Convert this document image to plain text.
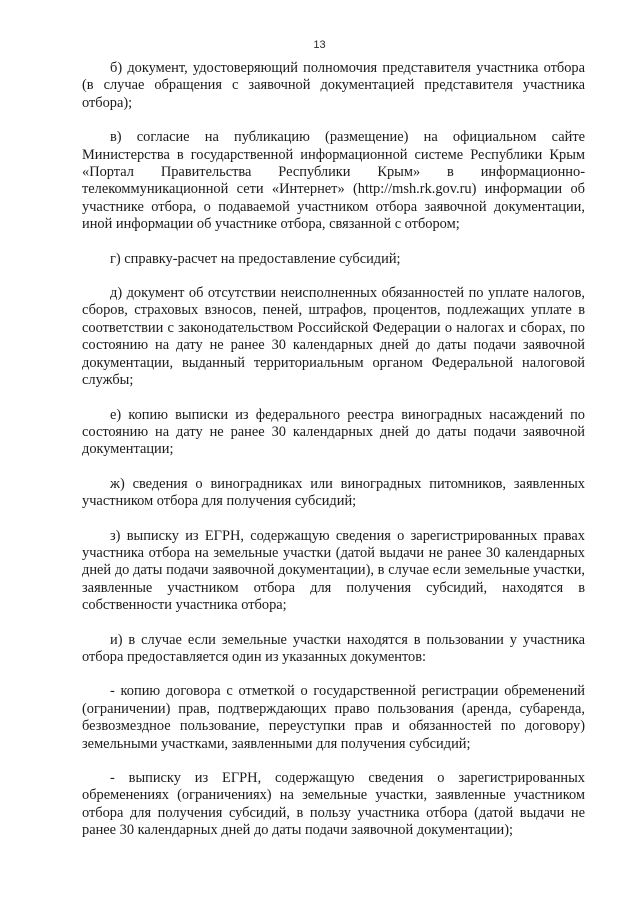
13

б) документ, удостоверяющий полномочия представителя участника отбора (в случае обращения с заявочной документацией представителя участника отбора);

в) согласие на публикацию (размещение) на официальном сайте Министерства в государственной информационной системе Республики Крым «Портал Правительства Республики Крым» в информационно-телекоммуникационной сети «Интернет» (http://msh.rk.gov.ru) информации об участнике отбора, о подаваемой участником отбора заявочной документации, иной информации об участнике отбора, связанной с отбором;

г) справку-расчет на предоставление субсидий;

д) документ об отсутствии неисполненных обязанностей по уплате налогов, сборов, страховых взносов, пеней, штрафов, процентов, подлежащих уплате в соответствии с законодательством Российской Федерации о налогах и сборах, по состоянию на дату не ранее 30 календарных дней до даты подачи заявочной документации, выданный территориальным органом Федеральной налоговой службы;

е) копию выписки из федерального реестра виноградных насаждений по состоянию на дату не ранее 30 календарных дней до даты подачи заявочной документации;

ж) сведения о виноградниках или виноградных питомников, заявленных участником отбора для получения субсидий;

з) выписку из ЕГРН, содержащую сведения о зарегистрированных правах участника отбора на земельные участки (датой выдачи не ранее 30 календарных дней до даты подачи заявочной документации), в случае если земельные участки, заявленные участником отбора для получения субсидий, находятся в собственности участника отбора;

и) в случае если земельные участки находятся в пользовании у участника отбора предоставляется один из указанных документов:

- копию договора с отметкой о государственной регистрации обременений (ограничении) прав, подтверждающих право пользования (аренда, субаренда, безвозмездное пользование, переуступки прав и обязанностей по договору) земельными участками, заявленными для получения субсидий;

- выписку из ЕГРН, содержащую сведения о зарегистрированных обременениях (ограничениях) на земельные участки, заявленные участником отбора для получения субсидий, в пользу участника отбора (датой выдачи не ранее 30 календарных дней до даты подачи заявочной документации);
